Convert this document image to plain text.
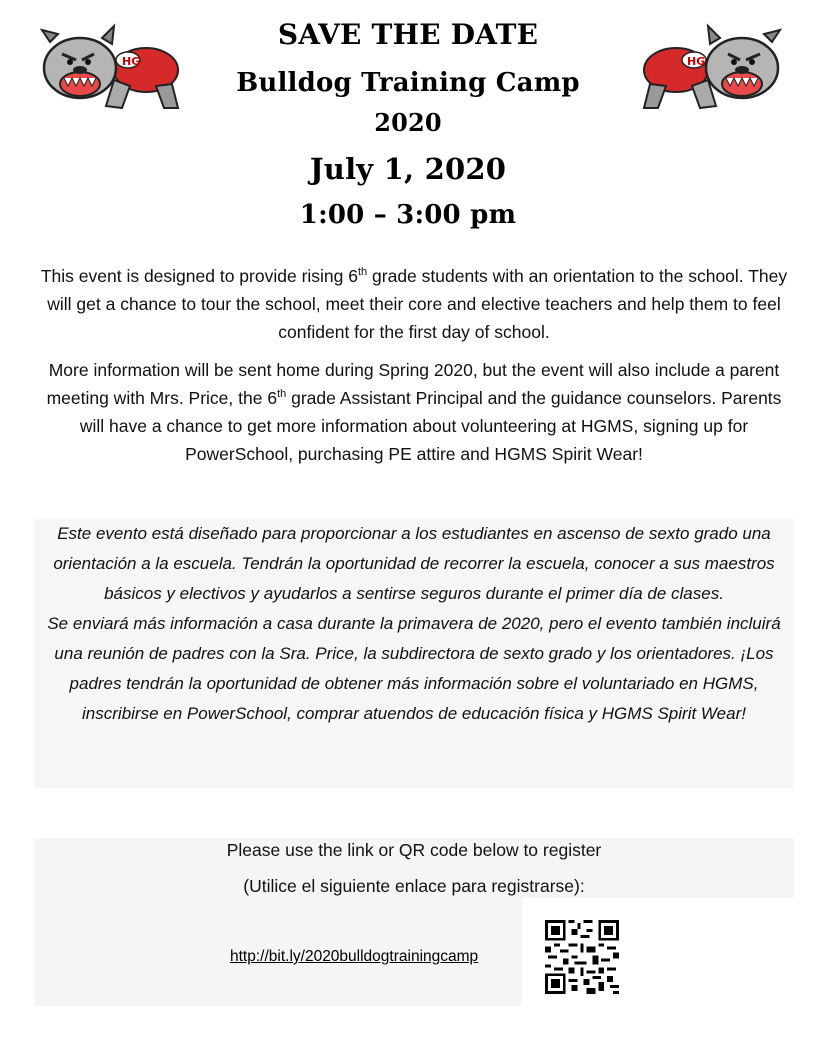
HG	HG
SAVE THE DATE
Bulldog Training Camp
2020
July 1, 2020
1:00 – 3:00 pm

This event is designed to provide rising 6th grade students with an orientation to the school. They will get a chance to tour the school, meet their core and elective teachers and help them to feel confident for the first day of school.

More information will be sent home during Spring 2020, but the event will also include a parent meeting with Mrs. Price, the 6th grade Assistant Principal and the guidance counselors. Parents will have a chance to get more information about volunteering at HGMS, signing up for PowerSchool, purchasing PE attire and HGMS Spirit Wear!

Este evento está diseñado para proporcionar a los estudiantes en ascenso de sexto grado una orientación a la escuela. Tendrán la oportunidad de recorrer la escuela, conocer a sus maestros básicos y electivos y ayudarlos a sentirse seguros durante el primer día de clases.

Se enviará más información a casa durante la primavera de 2020, pero el evento también incluirá una reunión de padres con la Sra. Price, la subdirectora de sexto grado y los orientadores. ¡Los padres tendrán la oportunidad de obtener más información sobre el voluntariado en HGMS, inscribirse en PowerSchool, comprar atuendos de educación física y HGMS Spirit Wear!

Please use the link or QR code below to register
(Utilice el siguiente enlace para registrarse):
http://bit.ly/2020bulldogtrainingcamp
